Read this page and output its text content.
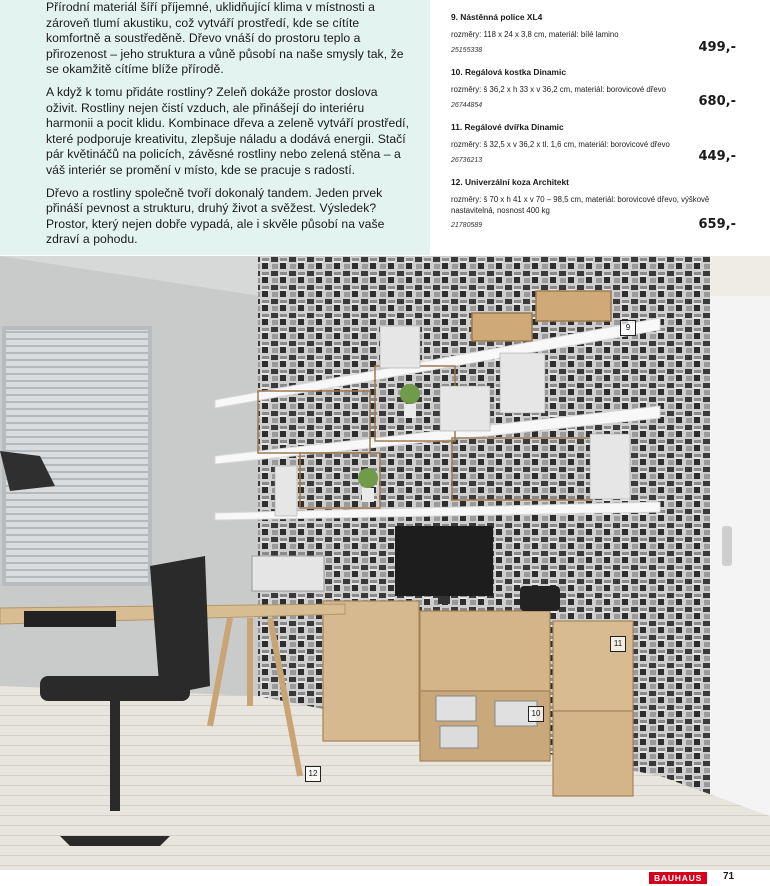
Přírodní materiál šíří příjemné, uklidňující klima v místnosti a zároveň tlumí akustiku, což vytváří prostředí, kde se cítíte komfortně a soustředěně. Dřevo vnáší do prostoru teplo a přirozenost – jeho struktura a vůně působí na naše smysly tak, že se okamžitě cítíme blíže přírodě.

A když k tomu přidáte rostliny? Zeleň dokáže prostor doslova oživit. Rostliny nejen čistí vzduch, ale přinášejí do interiéru harmonii a pocit klidu. Kombinace dřeva a zeleně vytváří prostředí, které podporuje kreativitu, zlepšuje náladu a dodává energii. Stačí pár květináčů na policích, závěsné rostliny nebo zelená stěna – a váš interiér se promění v místo, kde se pracuje s radostí.

Dřevo a rostliny společně tvoří dokonalý tandem. Jeden prvek přináší pevnost a strukturu, druhý život a svěžest. Výsledek? Prostor, který nejen dobře vypadá, ale i skvěle působí na vaše zdraví a pohodu.

9. Nástěnná police XL4
rozměry: 118 x 24 x 3,8 cm, materiál: bílé lamino
25155338	499,-
10. Regálová kostka Dinamic
rozměry: š 36,2 x h 33 x v 36,2 cm, materiál: borovicové dřevo
26744854	680,-
11. Regálové dvířka Dinamic
rozměry: š 32,5 x v 36,2 x tl. 1,6 cm, materiál: borovicové dřevo
26736213	449,-
12. Univerzální koza Architekt
rozměry: š 70 x h 41 x v 70 – 98,5 cm, materiál: borovicové dřevo, výškově nastavitelná, nosnost 400 kg
21780589	659,-
9
10
11
12
BAUHAUS	71
